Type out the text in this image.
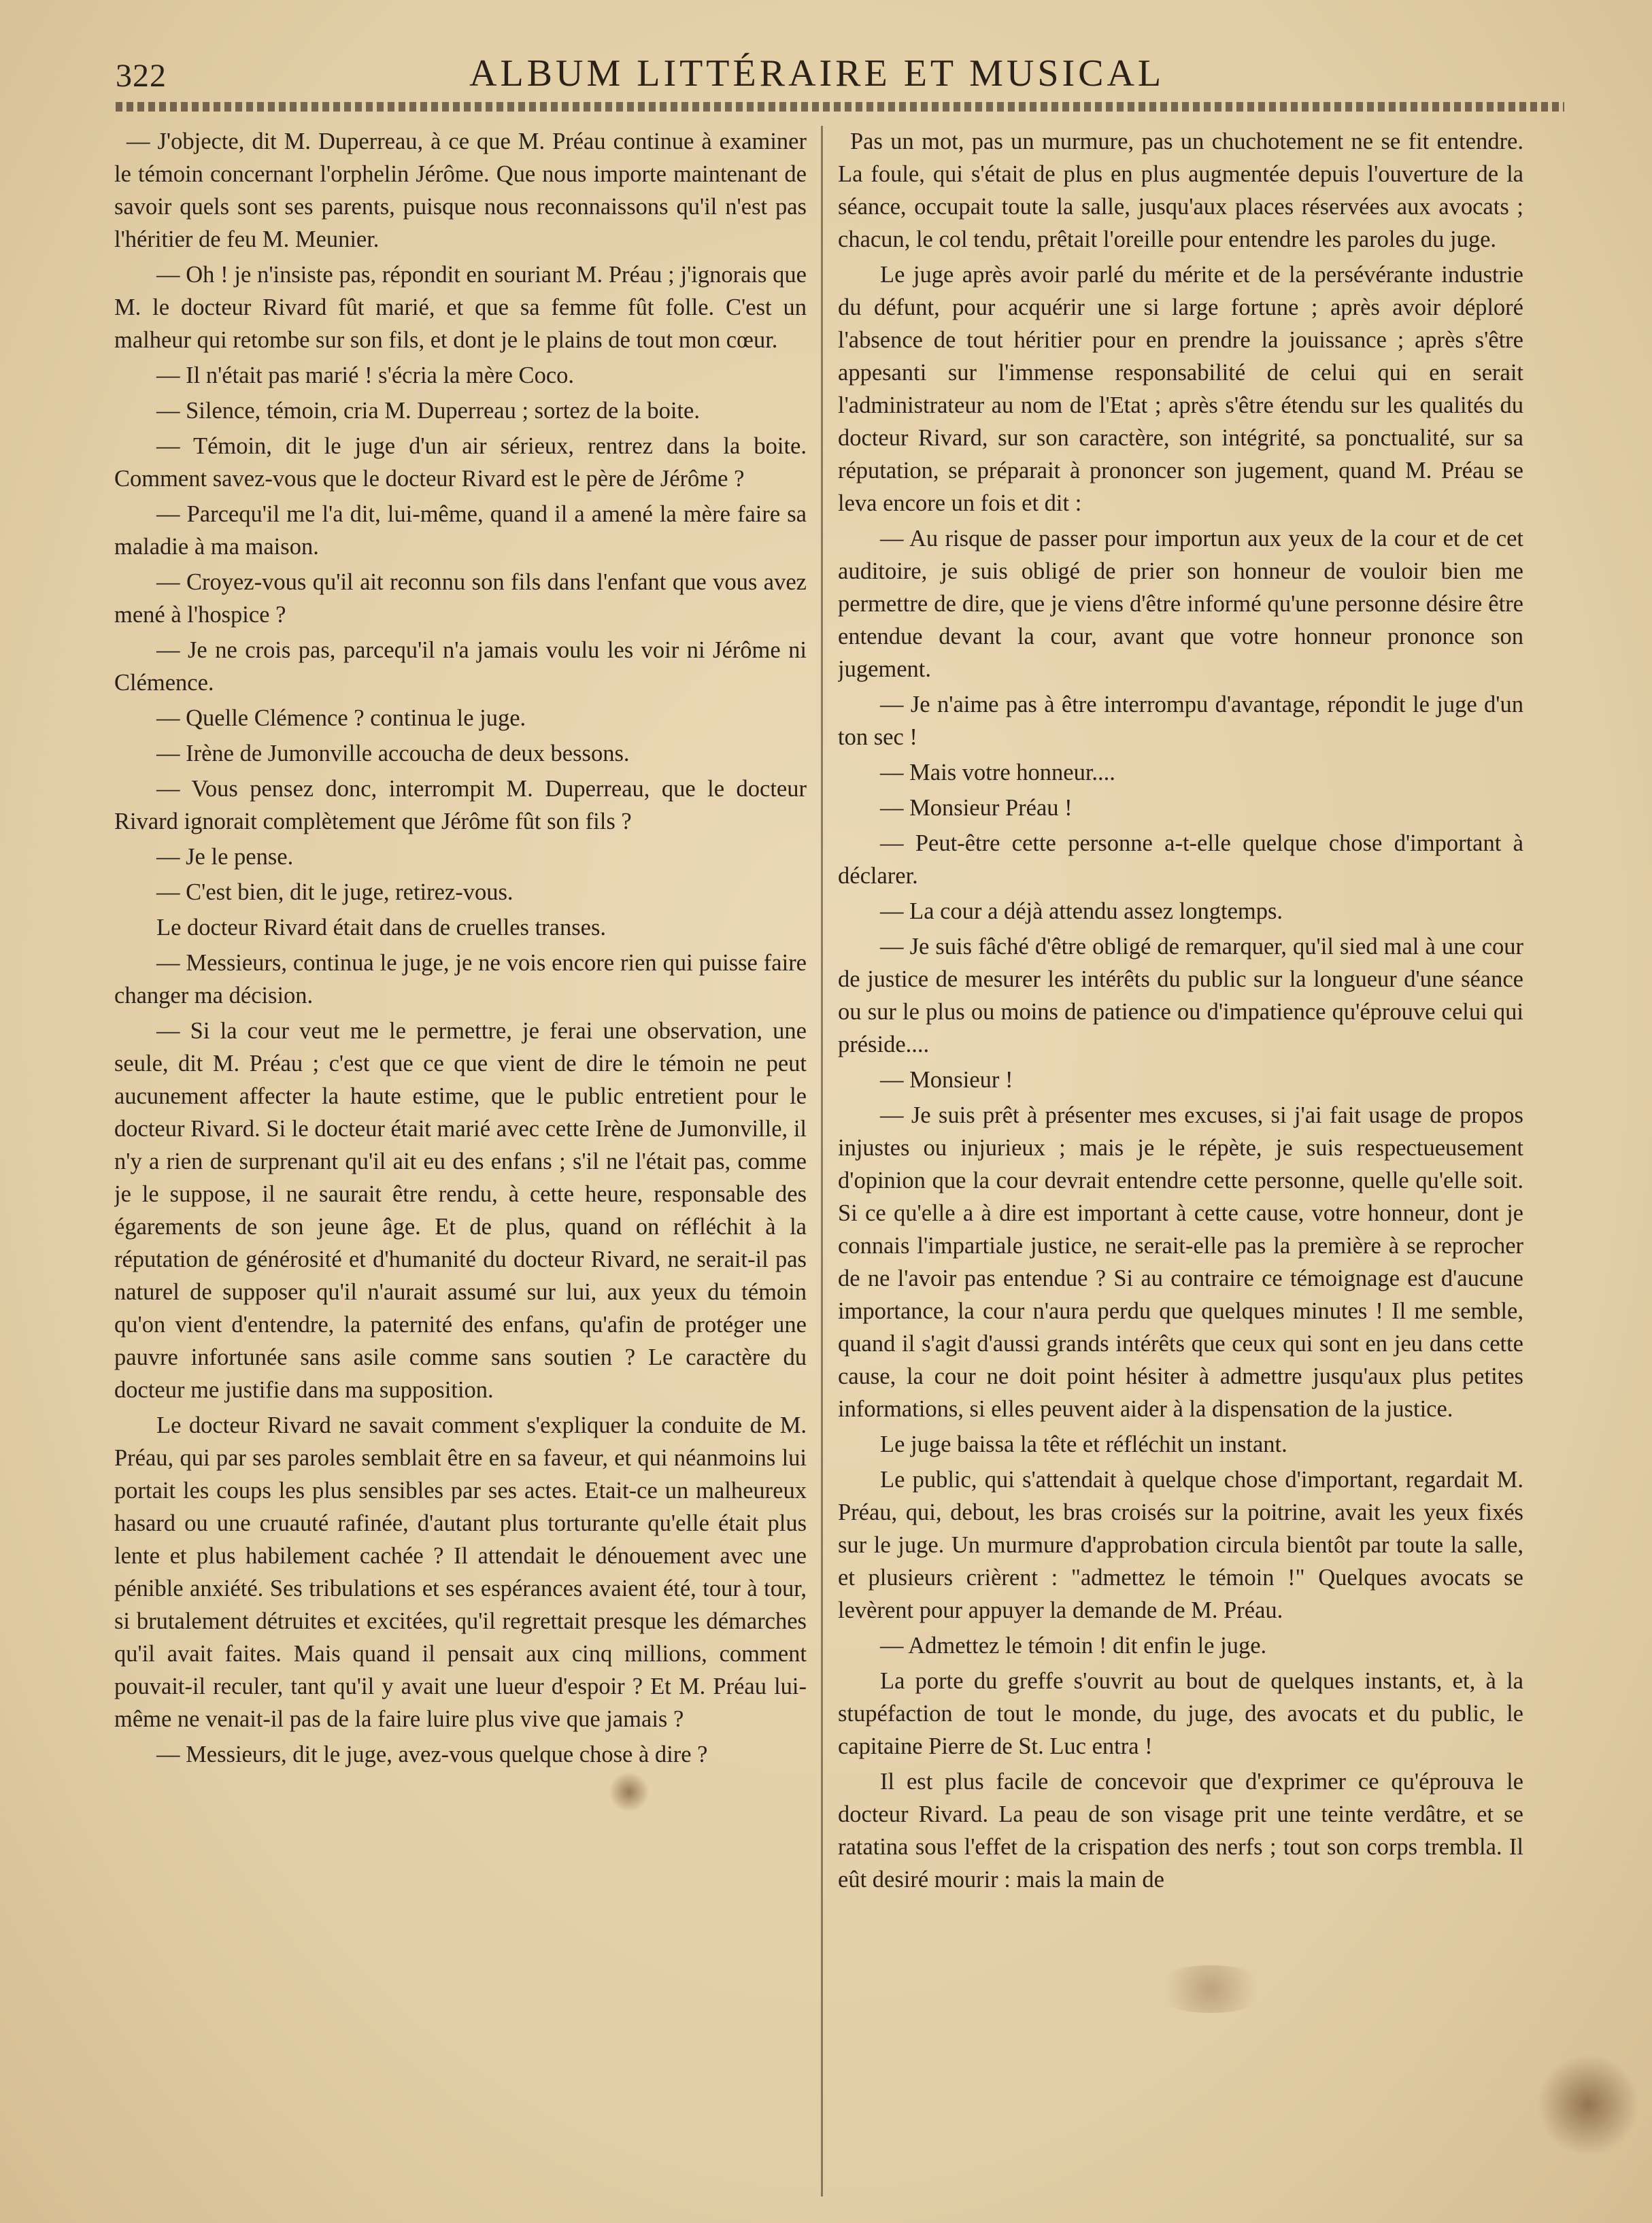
322	ALBUM LITTÉRAIRE ET MUSICAL

— J'objecte, dit M. Duperreau, à ce que M. Préau continue à examiner le témoin concernant l'orphelin Jérôme. Que nous importe maintenant de savoir quels sont ses parents, puisque nous reconnaissons qu'il n'est pas l'héritier de feu M. Meunier.

— Oh ! je n'insiste pas, répondit en souriant M. Préau ; j'ignorais que M. le docteur Rivard fût marié, et que sa femme fût folle. C'est un malheur qui retombe sur son fils, et dont je le plains de tout mon cœur.

— Il n'était pas marié ! s'écria la mère Coco.

— Silence, témoin, cria M. Duperreau ; sortez de la boite.

— Témoin, dit le juge d'un air sérieux, rentrez dans la boite. Comment savez-vous que le docteur Rivard est le père de Jérôme ?

— Parcequ'il me l'a dit, lui-même, quand il a amené la mère faire sa maladie à ma maison.

— Croyez-vous qu'il ait reconnu son fils dans l'enfant que vous avez mené à l'hospice ?

— Je ne crois pas, parcequ'il n'a jamais voulu les voir ni Jérôme ni Clémence.

— Quelle Clémence ? continua le juge.

— Irène de Jumonville accoucha de deux bessons.

— Vous pensez donc, interrompit M. Duperreau, que le docteur Rivard ignorait complètement que Jérôme fût son fils ?

— Je le pense.

— C'est bien, dit le juge, retirez-vous.

Le docteur Rivard était dans de cruelles transes.

— Messieurs, continua le juge, je ne vois encore rien qui puisse faire changer ma décision.

— Si la cour veut me le permettre, je ferai une observation, une seule, dit M. Préau ; c'est que ce que vient de dire le témoin ne peut aucunement affecter la haute estime, que le public entretient pour le docteur Rivard. Si le docteur était marié avec cette Irène de Jumonville, il n'y a rien de surprenant qu'il ait eu des enfans ; s'il ne l'était pas, comme je le suppose, il ne saurait être rendu, à cette heure, responsable des égarements de son jeune âge. Et de plus, quand on réfléchit à la réputation de générosité et d'humanité du docteur Rivard, ne serait-il pas naturel de supposer qu'il n'aurait assumé sur lui, aux yeux du témoin qu'on vient d'entendre, la paternité des enfans, qu'afin de protéger une pauvre infortunée sans asile comme sans soutien ? Le caractère du docteur me justifie dans ma supposition.

Le docteur Rivard ne savait comment s'expliquer la conduite de M. Préau, qui par ses paroles semblait être en sa faveur, et qui néanmoins lui portait les coups les plus sensibles par ses actes. Etait-ce un malheureux hasard ou une cruauté rafinée, d'autant plus torturante qu'elle était plus lente et plus habilement cachée ? Il attendait le dénouement avec une pénible anxiété. Ses tribulations et ses espérances avaient été, tour à tour, si brutalement détruites et excitées, qu'il regrettait presque les démarches qu'il avait faites. Mais quand il pensait aux cinq millions, comment pouvait-il reculer, tant qu'il y avait une lueur d'espoir ? Et M. Préau lui-même ne venait-il pas de la faire luire plus vive que jamais ?

— Messieurs, dit le juge, avez-vous quelque chose à dire ?

Pas un mot, pas un murmure, pas un chuchotement ne se fit entendre. La foule, qui s'était de plus en plus augmentée depuis l'ouverture de la séance, occupait toute la salle, jusqu'aux places réservées aux avocats ; chacun, le col tendu, prêtait l'oreille pour entendre les paroles du juge.

Le juge après avoir parlé du mérite et de la persévérante industrie du défunt, pour acquérir une si large fortune ; après avoir déploré l'absence de tout héritier pour en prendre la jouissance ; après s'être appesanti sur l'immense responsabilité de celui qui en serait l'administrateur au nom de l'Etat ; après s'être étendu sur les qualités du docteur Rivard, sur son caractère, son intégrité, sa ponctualité, sur sa réputation, se préparait à prononcer son jugement, quand M. Préau se leva encore un fois et dit :

— Au risque de passer pour importun aux yeux de la cour et de cet auditoire, je suis obligé de prier son honneur de vouloir bien me permettre de dire, que je viens d'être informé qu'une personne désire être entendue devant la cour, avant que votre honneur prononce son jugement.

— Je n'aime pas à être interrompu d'avantage, répondit le juge d'un ton sec !

— Mais votre honneur....

— Monsieur Préau !

— Peut-être cette personne a-t-elle quelque chose d'important à déclarer.

— La cour a déjà attendu assez longtemps.

— Je suis fâché d'être obligé de remarquer, qu'il sied mal à une cour de justice de mesurer les intérêts du public sur la longueur d'une séance ou sur le plus ou moins de patience ou d'impatience qu'éprouve celui qui préside....

— Monsieur !

— Je suis prêt à présenter mes excuses, si j'ai fait usage de propos injustes ou injurieux ; mais je le répète, je suis respectueusement d'opinion que la cour devrait entendre cette personne, quelle qu'elle soit. Si ce qu'elle a à dire est important à cette cause, votre honneur, dont je connais l'impartiale justice, ne serait-elle pas la première à se reprocher de ne l'avoir pas entendue ? Si au contraire ce témoignage est d'aucune importance, la cour n'aura perdu que quelques minutes ! Il me semble, quand il s'agit d'aussi grands intérêts que ceux qui sont en jeu dans cette cause, la cour ne doit point hésiter à admettre jusqu'aux plus petites informations, si elles peuvent aider à la dispensation de la justice.

Le juge baissa la tête et réfléchit un instant.

Le public, qui s'attendait à quelque chose d'important, regardait M. Préau, qui, debout, les bras croisés sur la poitrine, avait les yeux fixés sur le juge. Un murmure d'approbation circula bientôt par toute la salle, et plusieurs crièrent : "admettez le témoin !" Quelques avocats se levèrent pour appuyer la demande de M. Préau.

— Admettez le témoin ! dit enfin le juge.

La porte du greffe s'ouvrit au bout de quelques instants, et, à la stupéfaction de tout le monde, du juge, des avocats et du public, le capitaine Pierre de St. Luc entra !

Il est plus facile de concevoir que d'exprimer ce qu'éprouva le docteur Rivard. La peau de son visage prit une teinte verdâtre, et se ratatina sous l'effet de la crispation des nerfs ; tout son corps trembla. Il eût desiré mourir : mais la main de
